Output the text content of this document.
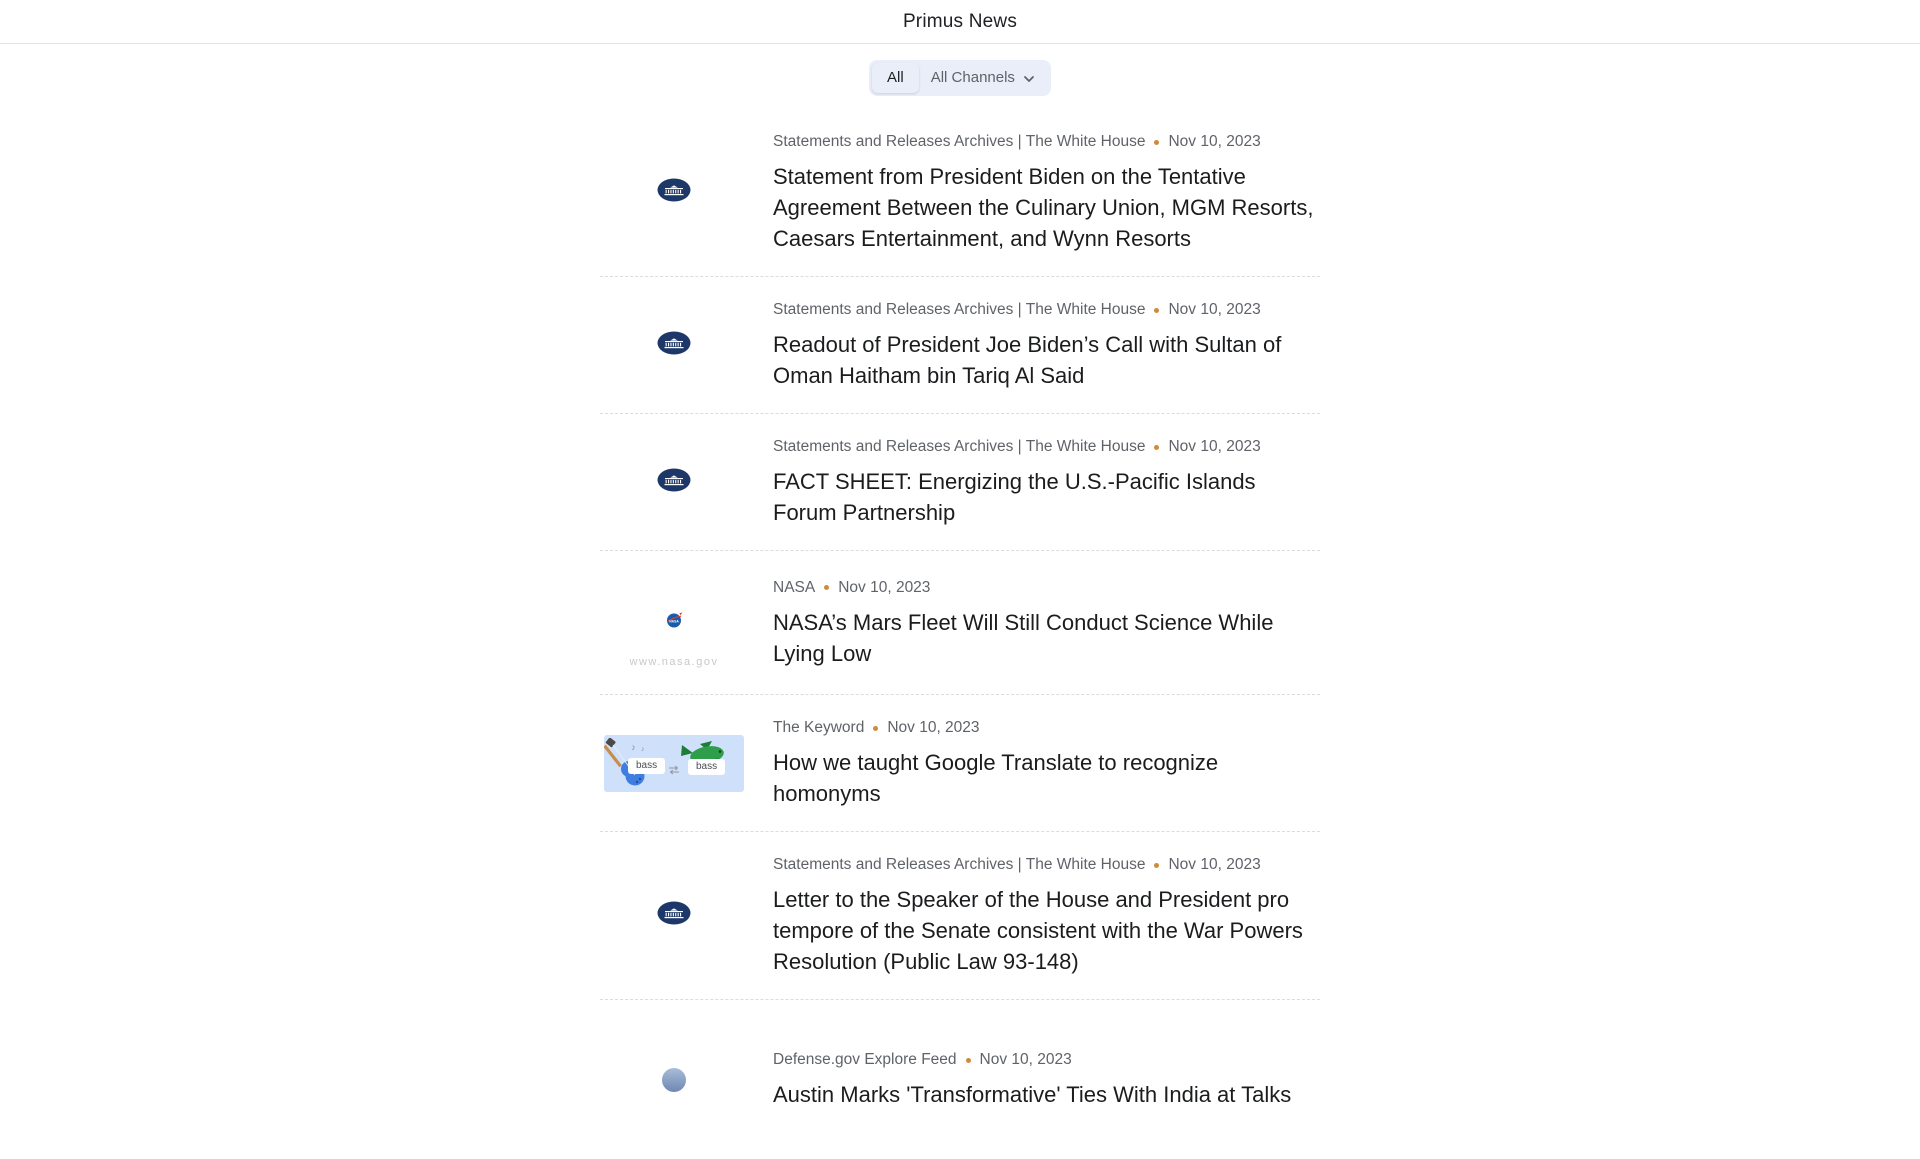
Primus News
All	All Channels
Statements and Releases Archives | The White House Nov 10, 2023
Statement from President Biden on the Tentative Agreement Between the Culinary Union, MGM Resorts, Caesars Entertainment, and Wynn Resorts
Statements and Releases Archives | The White House Nov 10, 2023
Readout of President Joe Biden’s Call with Sultan of Oman Haitham bin Tariq Al Said
Statements and Releases Archives | The White House Nov 10, 2023
FACT SHEET: Energizing the U.S.-Pacific Islands Forum Partnership
NASA
www.nasa.gov
NASA Nov 10, 2023
NASA’s Mars Fleet Will Still Conduct Science While Lying Low
♪ ♪
bass	bass
The Keyword Nov 10, 2023
How we taught Google Translate to recognize homonyms
Statements and Releases Archives | The White House Nov 10, 2023
Letter to the Speaker of the House and President pro tempore of the Senate consistent with the War Powers Resolution (Public Law 93-148)
Defense.gov Explore Feed Nov 10, 2023
Austin Marks 'Transformative' Ties With India at Talks
